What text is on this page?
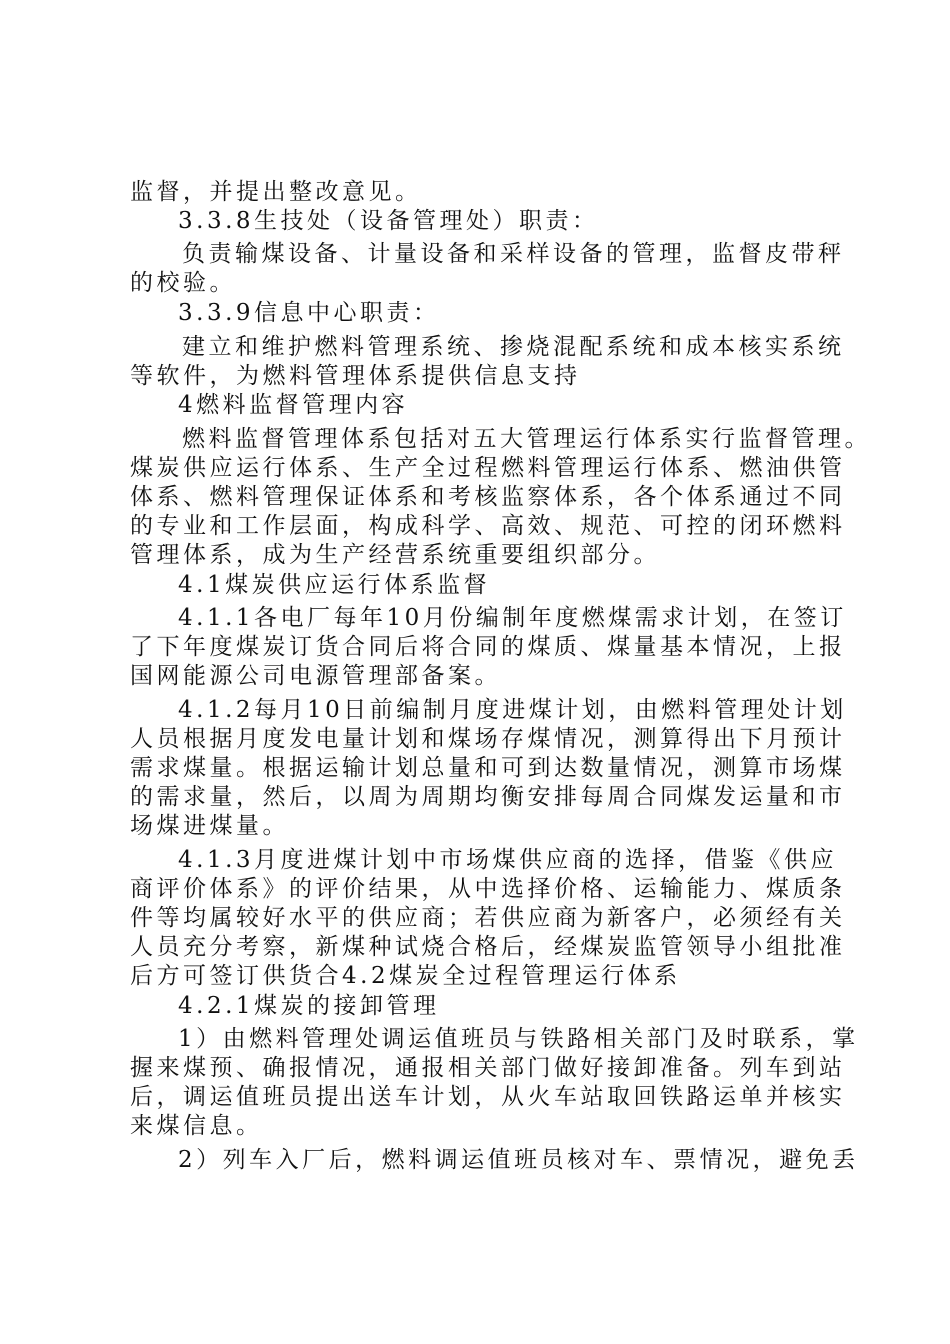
监督，并提出整改意见。
3.3.8生技处（设备管理处）职责：
负责输煤设备、计量设备和采样设备的管理，监督皮带秤
的校验。
3.3.9信息中心职责：
建立和维护燃料管理系统、掺烧混配系统和成本核实系统
等软件，为燃料管理体系提供信息支持
4燃料监督管理内容
燃料监督管理体系包括对五大管理运行体系实行监督管理。
煤炭供应运行体系、生产全过程燃料管理运行体系、燃油供管
体系、燃料管理保证体系和考核监察体系，各个体系通过不同
的专业和工作层面，构成科学、高效、规范、可控的闭环燃料
管理体系，成为生产经营系统重要组织部分。
4.1煤炭供应运行体系监督
4.1.1各电厂每年10月份编制年度燃煤需求计划，在签订
了下年度煤炭订货合同后将合同的煤质、煤量基本情况，上报
国网能源公司电源管理部备案。
4.1.2每月10日前编制月度进煤计划，由燃料管理处计划
人员根据月度发电量计划和煤场存煤情况，测算得出下月预计
需求煤量。根据运输计划总量和可到达数量情况，测算市场煤
的需求量，然后，以周为周期均衡安排每周合同煤发运量和市
场煤进煤量。
4.1.3月度进煤计划中市场煤供应商的选择，借鉴《供应
商评价体系》的评价结果，从中选择价格、运输能力、煤质条
件等均属较好水平的供应商；若供应商为新客户，必须经有关
人员充分考察，新煤种试烧合格后，经煤炭监管领导小组批准
后方可签订供货合4.2煤炭全过程管理运行体系
4.2.1煤炭的接卸管理
1）由燃料管理处调运值班员与铁路相关部门及时联系，掌
握来煤预、确报情况，通报相关部门做好接卸准备。列车到站
后，调运值班员提出送车计划，从火车站取回铁路运单并核实
来煤信息。
2）列车入厂后，燃料调运值班员核对车、票情况，避免丢
